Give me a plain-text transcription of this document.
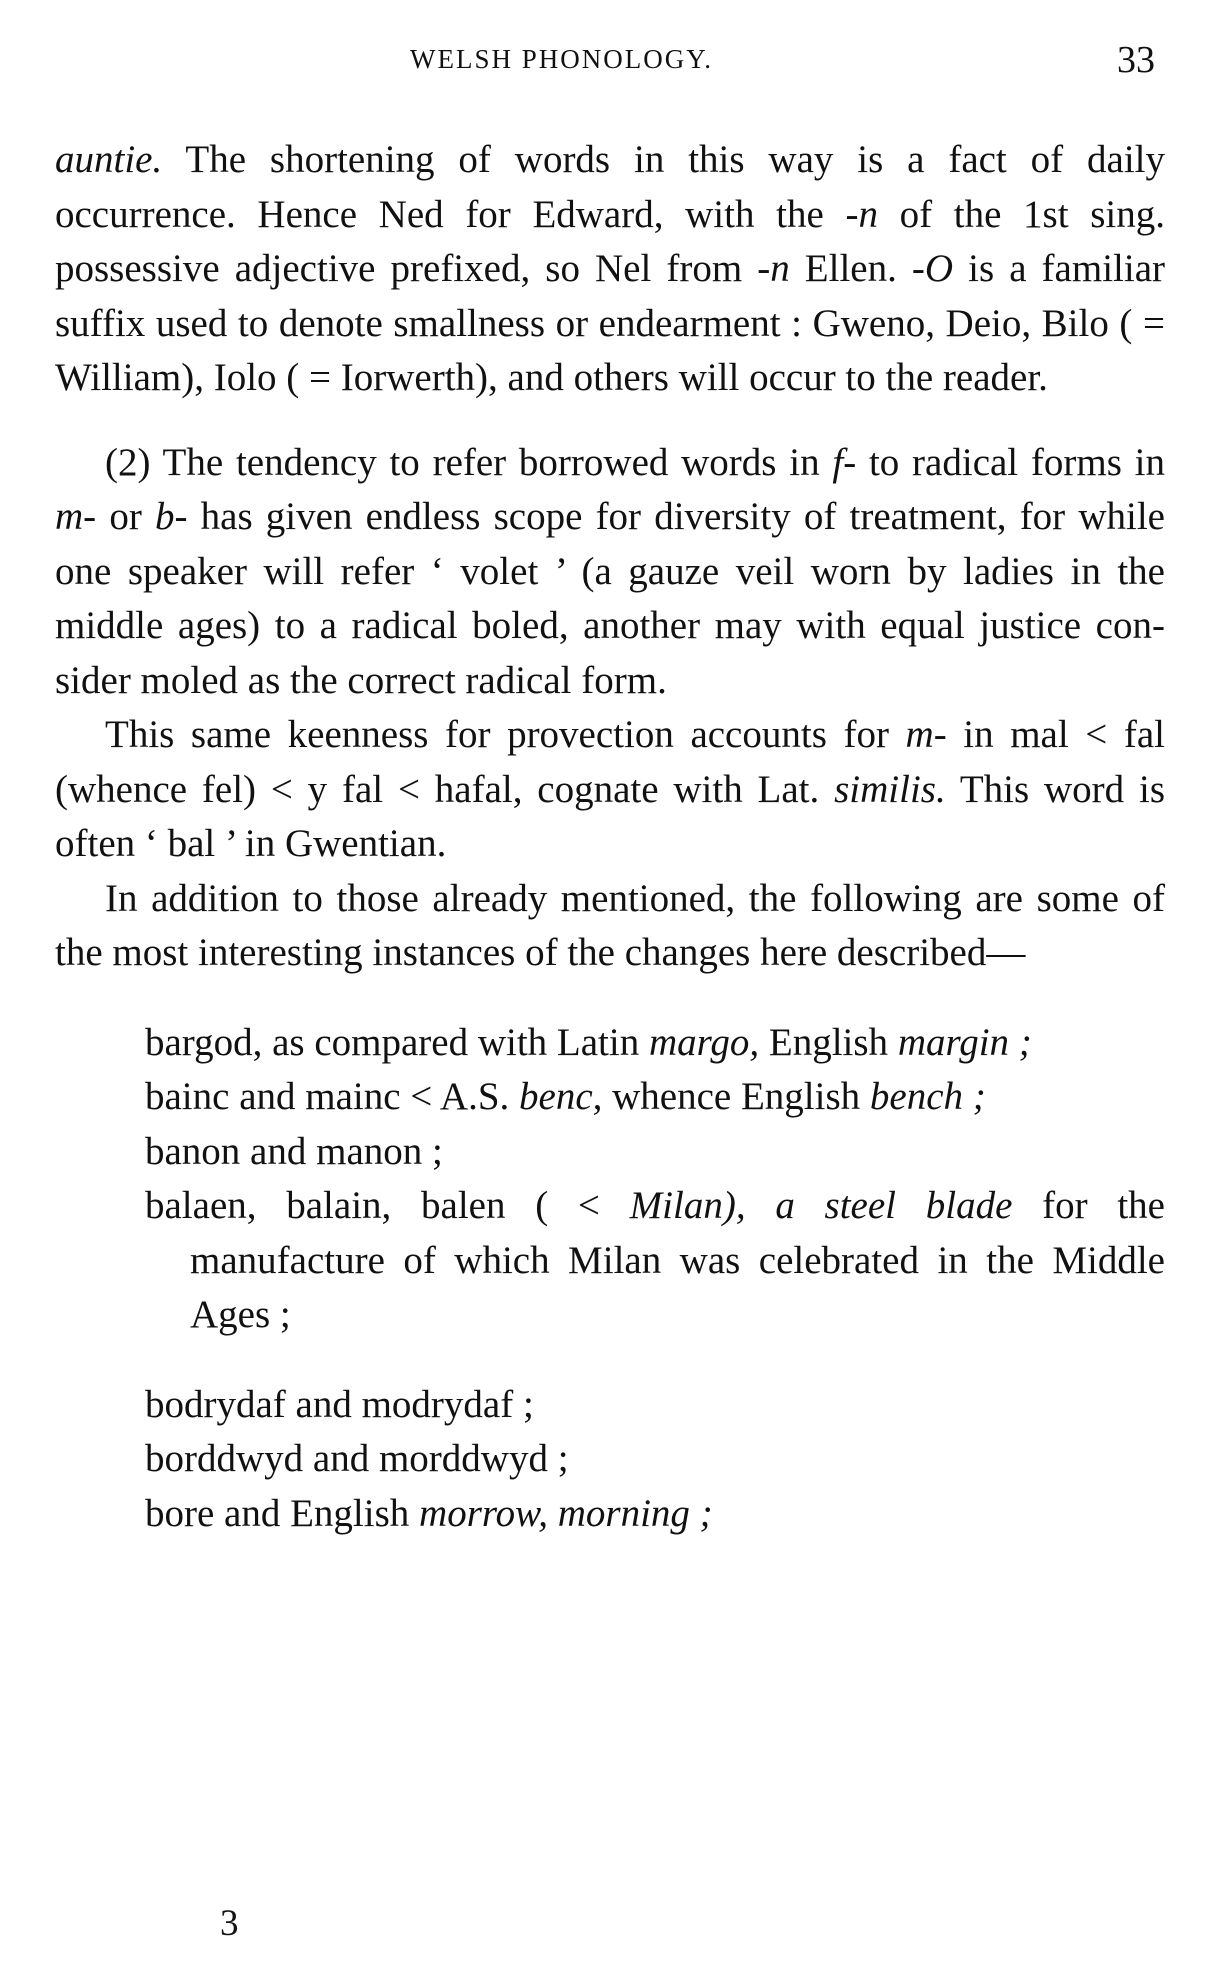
WELSH PHONOLOGY.	33

auntie. The shortening of words in this way is a fact of daily occurrence. Hence Ned for Edward, with the -n of the 1st sing. possessive adjective prefixed, so Nel from -n Ellen. -O is a familiar suffix used to denote smallness or endearment : Gweno, Deio, Bilo ( = William), Iolo ( = Iorwerth), and others will occur to the reader.

(2) The tendency to refer borrowed words in f- to radical forms in m- or b- has given endless scope for diversity of treatment, for while one speaker will refer ‘ volet ’ (a gauze veil worn by ladies in the middle ages) to a radical boled, another may with equal justice consider moled as the correct radical form.

This same keenness for provection accounts for m- in mal < fal (whence fel) < y fal < hafal, cognate with Lat. similis. This word is often ‘ bal ’ in Gwentian.

In addition to those already mentioned, the following are some of the most interesting instances of the changes here described—

bargod, as compared with Latin margo, English margin ;
bainc and mainc < A.S. benc, whence English bench ;
banon and manon ;
balaen, balain, balen ( < Milan), a steel blade for the manufacture of which Milan was celebrated in the Middle Ages ;
bodrydaf and modrydaf ;
borddwyd and morddwyd ;
bore and English morrow, morning ;
3
